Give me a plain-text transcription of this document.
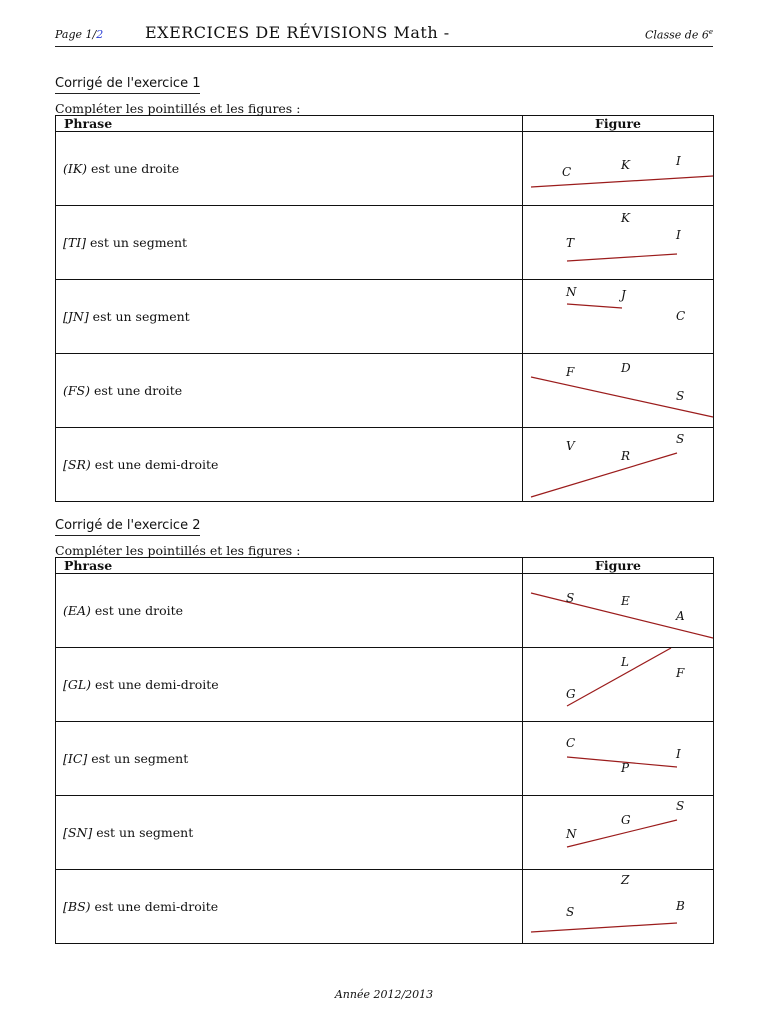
Page 1/2	EXERCICES DE RÉVISIONS Math -	Classe de 6e
Corrigé de l'exercice 1
Compléter les pointillés et les figures :
Phrase	Figure
(IK) est une droite	C K I

[TI] est un segment	K
T
I

[JN] est un segment	N J
C

(FS) est une droite	F D
S

[SR) est une demi-droite	V
R
S
Corrigé de l'exercice 2
Compléter les pointillés et les figures :
Phrase	Figure
(EA) est une droite	S E
A

[GL) est une demi-droite	L
F
G

[IC] est un segment	C
I
P

[SN] est un segment	S
G
N

[BS) est une demi-droite	Z
B
S
Année 2012/2013
